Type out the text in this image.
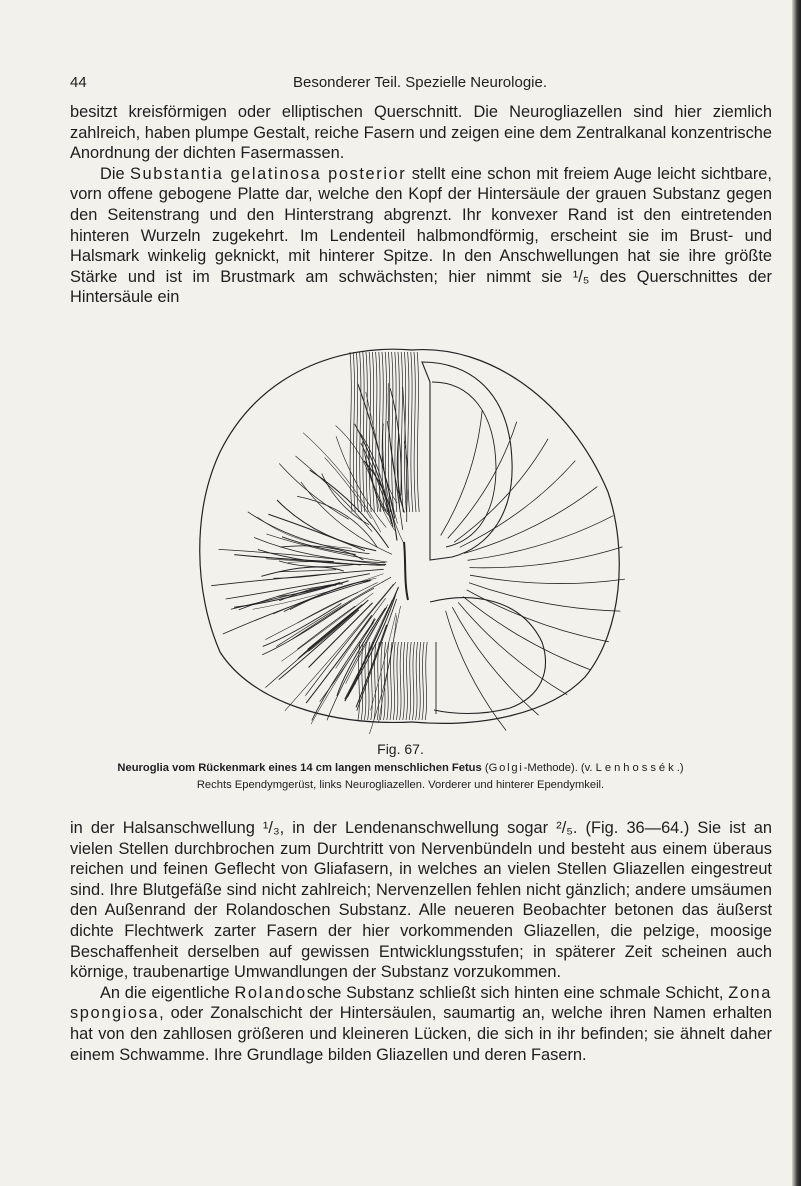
44	Besonderer Teil. Spezielle Neurologie.

besitzt kreisförmigen oder elliptischen Querschnitt. Die Neurogliazellen sind hier ziemlich zahlreich, haben plumpe Gestalt, reiche Fasern und zeigen eine dem Zentralkanal konzentrische Anordnung der dichten Fasermassen.

Die Substantia gelatinosa posterior stellt eine schon mit freiem Auge leicht sichtbare, vorn offene gebogene Platte dar, welche den Kopf der Hintersäule der grauen Substanz gegen den Seitenstrang und den Hinterstrang abgrenzt. Ihr konvexer Rand ist den eintretenden hinteren Wurzeln zugekehrt. Im Lendenteil halbmondförmig, erscheint sie im Brust- und Halsmark winkelig geknickt, mit hinterer Spitze. In den Anschwellungen hat sie ihre größte Stärke und ist im Brustmark am schwächsten; hier nimmt sie ¹/₅ des Querschnittes der Hintersäule ein

Fig. 67.
Neuroglia vom Rückenmark eines 14 cm langen menschlichen Fetus (Golgi-Methode). (v. Lenhossék.)
Rechts Ependymgerüst, links Neurogliazellen. Vorderer und hinterer Ependymkeil.

in der Halsanschwellung ¹/₃, in der Lendenanschwellung sogar ²/₅. (Fig. 36—64.) Sie ist an vielen Stellen durchbrochen zum Durchtritt von Nervenbündeln und besteht aus einem überaus reichen und feinen Geflecht von Gliafasern, in welches an vielen Stellen Gliazellen eingestreut sind. Ihre Blutgefäße sind nicht zahlreich; Nervenzellen fehlen nicht gänzlich; andere umsäumen den Außenrand der Rolandoschen Substanz. Alle neueren Beobachter betonen das äußerst dichte Flechtwerk zarter Fasern der hier vorkommenden Gliazellen, die pelzige, moosige Beschaffenheit derselben auf gewissen Entwicklungsstufen; in späterer Zeit scheinen auch körnige, traubenartige Umwandlungen der Substanz vorzukommen.

An die eigentliche Rolandosche Substanz schließt sich hinten eine schmale Schicht, Zona spongiosa, oder Zonalschicht der Hintersäulen, saumartig an, welche ihren Namen erhalten hat von den zahllosen größeren und kleineren Lücken, die sich in ihr befinden; sie ähnelt daher einem Schwamme. Ihre Grundlage bilden Gliazellen und deren Fasern.
